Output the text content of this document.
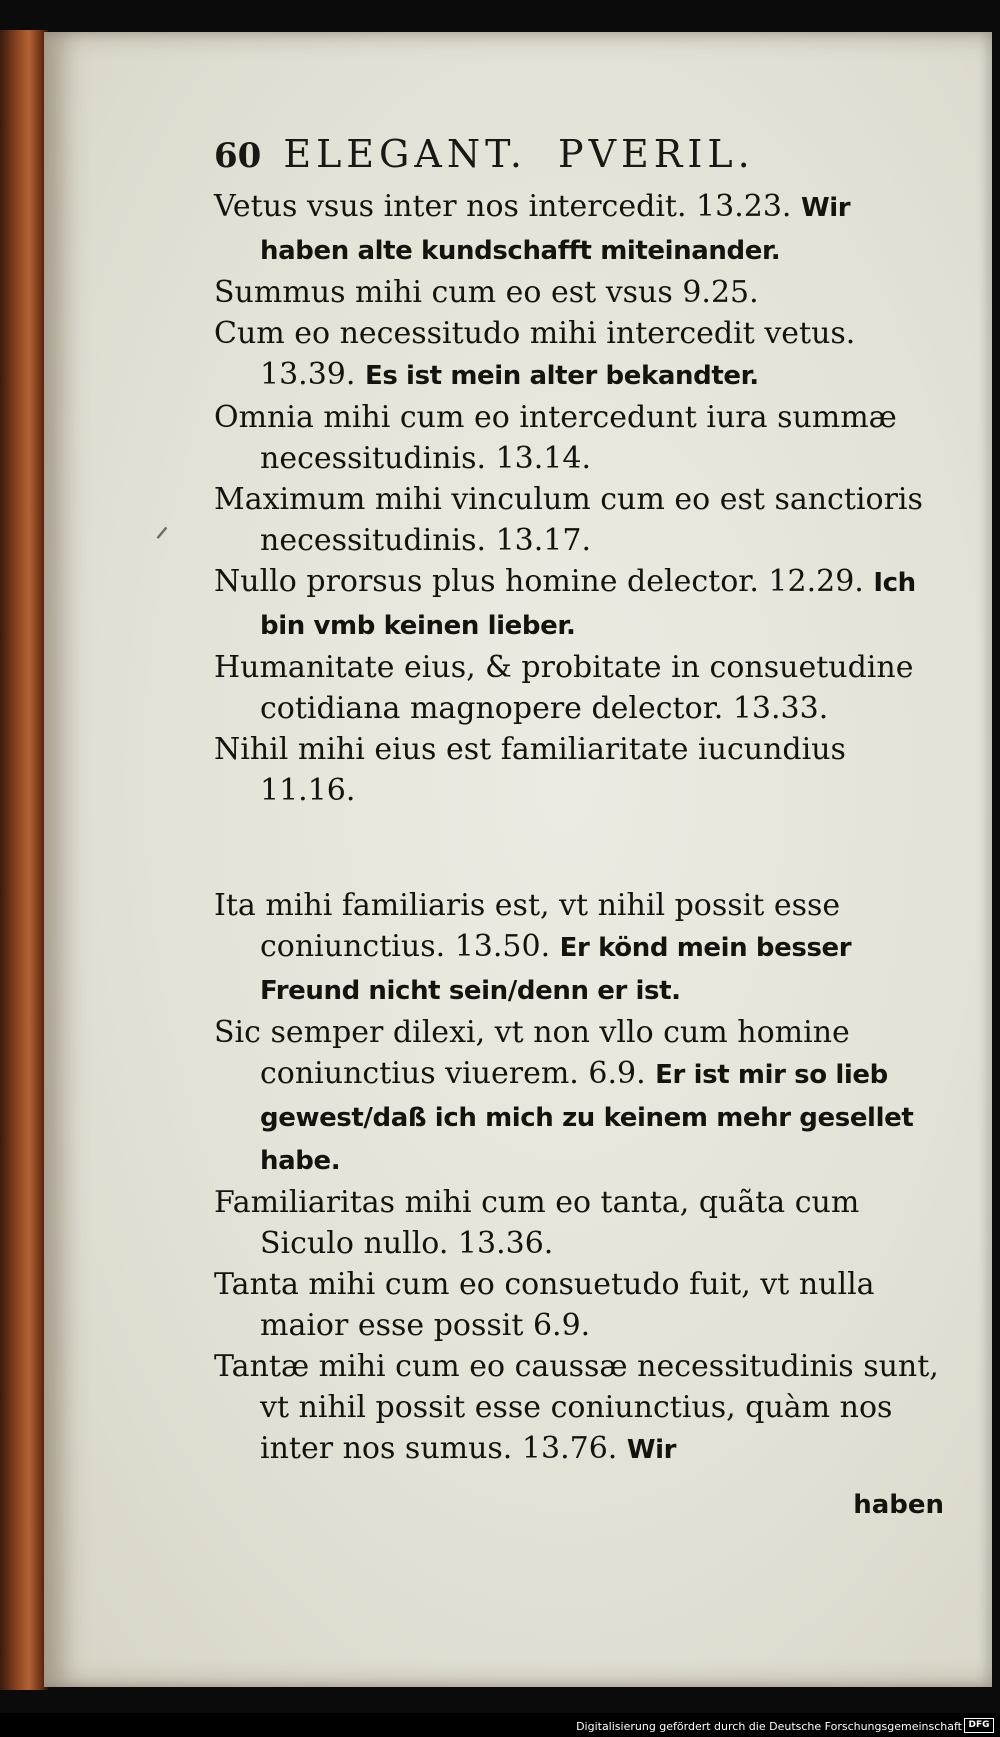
ᐟ
60 ELEGANT. PVERIL.

Vetus vsus inter nos intercedit. 13.23. Wir haben alte kundschafft miteinander.

Summus mihi cum eo est vsus 9.25.

Cum eo necessitudo mihi intercedit vetus. 13.39. Es ist mein alter bekandter.

Omnia mihi cum eo intercedunt iura summæ necessitudinis. 13.14.

Maximum mihi vinculum cum eo est sanctioris necessitudinis. 13.17.

Nullo prorsus plus homine delector. 12.29. Ich bin vmb keinen lieber.

Humanitate eius, & probitate in consuetudine cotidiana magnopere delector. 13.33.

Nihil mihi eius est familiaritate iucundius 11.16.

Ita mihi familiaris est, vt nihil possit esse coniunctius. 13.50. Er könd mein besser Freund nicht sein/denn er ist.

Sic semper dilexi, vt non vllo cum homine coniunctius viuerem. 6.9. Er ist mir so lieb gewest/daß ich mich zu keinem mehr gesellet habe.

Familiaritas mihi cum eo tanta, quãta cum Siculo nullo. 13.36.

Tanta mihi cum eo consuetudo fuit, vt nulla maior esse possit 6.9.

Tantæ mihi cum eo caussæ necessitudinis sunt, vt nihil possit esse coniunctius, quàm nos inter nos sumus. 13.76. Wir

haben
Digitalisierung gefördert durch die Deutsche Forschungsgemeinschaft DFG
